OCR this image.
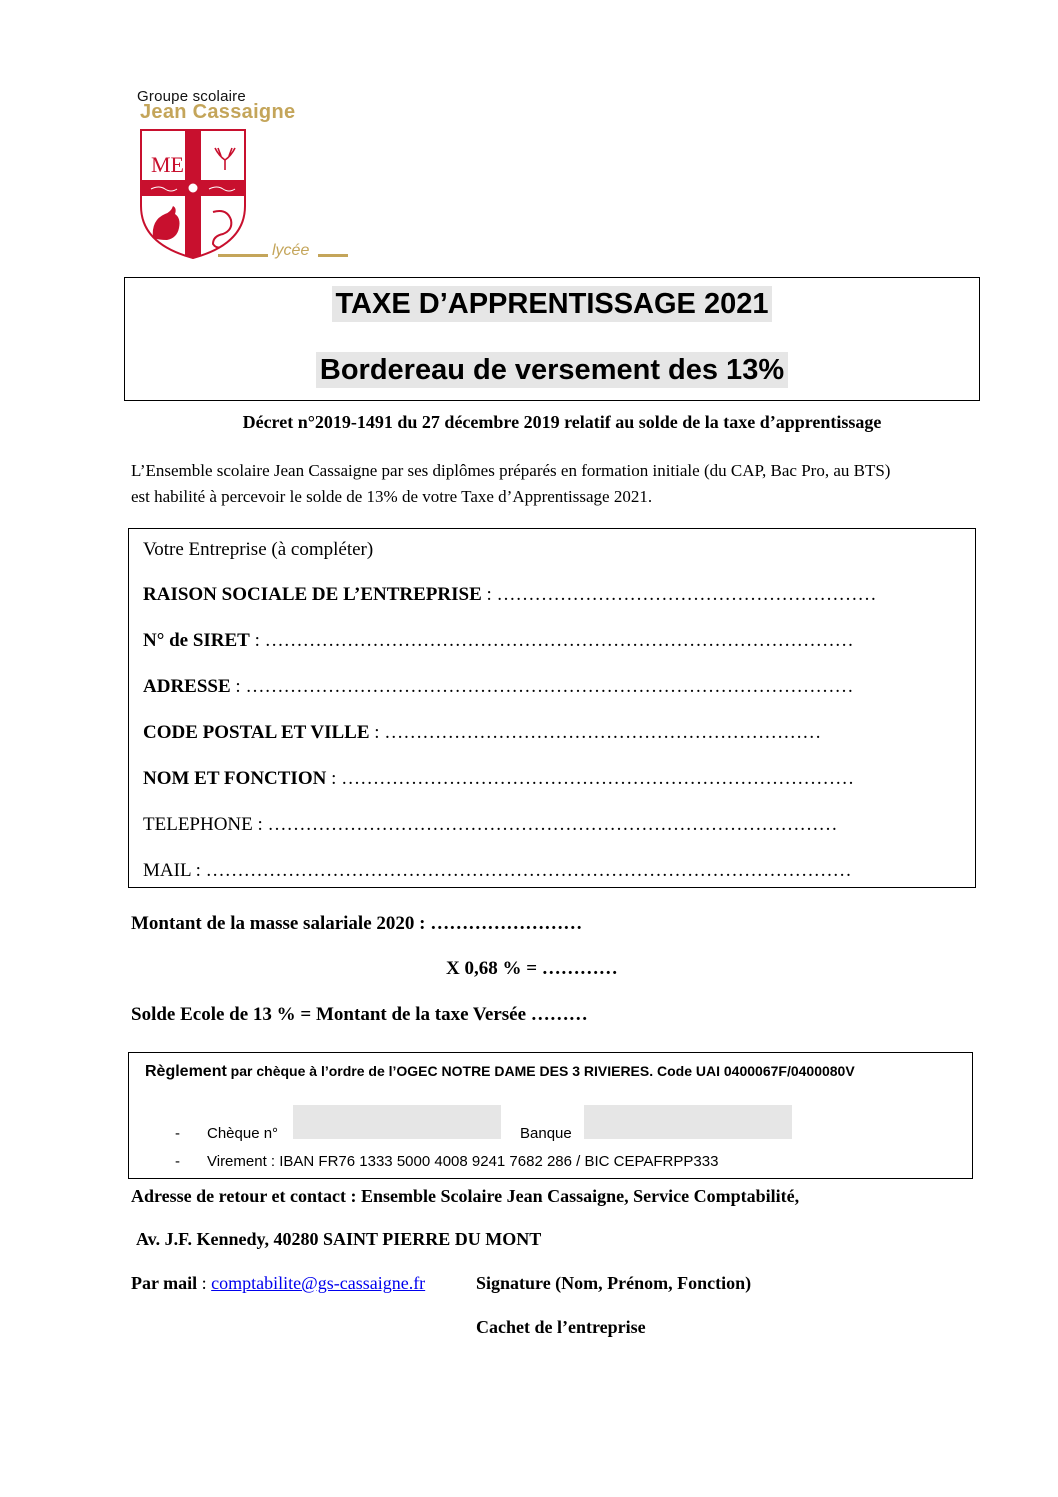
Groupe scolaire
Jean Cassaigne
ME
lycée
TAXE D’APPRENTISSAGE 2021
Bordereau de versement des 13%
Décret n°2019-1491 du 27 décembre 2019 relatif au solde de la taxe d’apprentissage
L’Ensemble scolaire Jean Cassaigne par ses diplômes préparés en formation initiale (du CAP, Bac Pro, au BTS)
est habilité à percevoir le solde de 13% de votre Taxe d’Apprentissage 2021.
Votre Entreprise (à compléter)
RAISON SOCIALE DE L’ENTREPRISE : ……………………………………………………
N° de SIRET : …………………………………………………………………………………
ADRESSE : ……………………………………………………………………………………
CODE POSTAL ET VILLE : ……………………………………………………………
NOM ET FONCTION : ………………………………………………………………………
TELEPHONE : ………………………………………………………………………………
MAIL : …………………………………………………………………………………………
Montant de la masse salariale 2020 : ……………………
X 0,68 % = …………
Solde Ecole de 13 % = Montant de la taxe Versée ………
Règlement par chèque à l’ordre de l’OGEC NOTRE DAME DES 3 RIVIERES. Code UAI 0400067F/0400080V
- Chèque n°	Banque
- Virement : IBAN FR76 1333 5000 4008 9241 7682 286 / BIC CEPAFRPP333
Adresse de retour et contact : Ensemble Scolaire Jean Cassaigne, Service Comptabilité,
Av. J.F. Kennedy, 40280 SAINT PIERRE DU MONT
Par mail : comptabilite@gs-cassaigne.fr	Signature (Nom, Prénom, Fonction)
Cachet de l’entreprise
